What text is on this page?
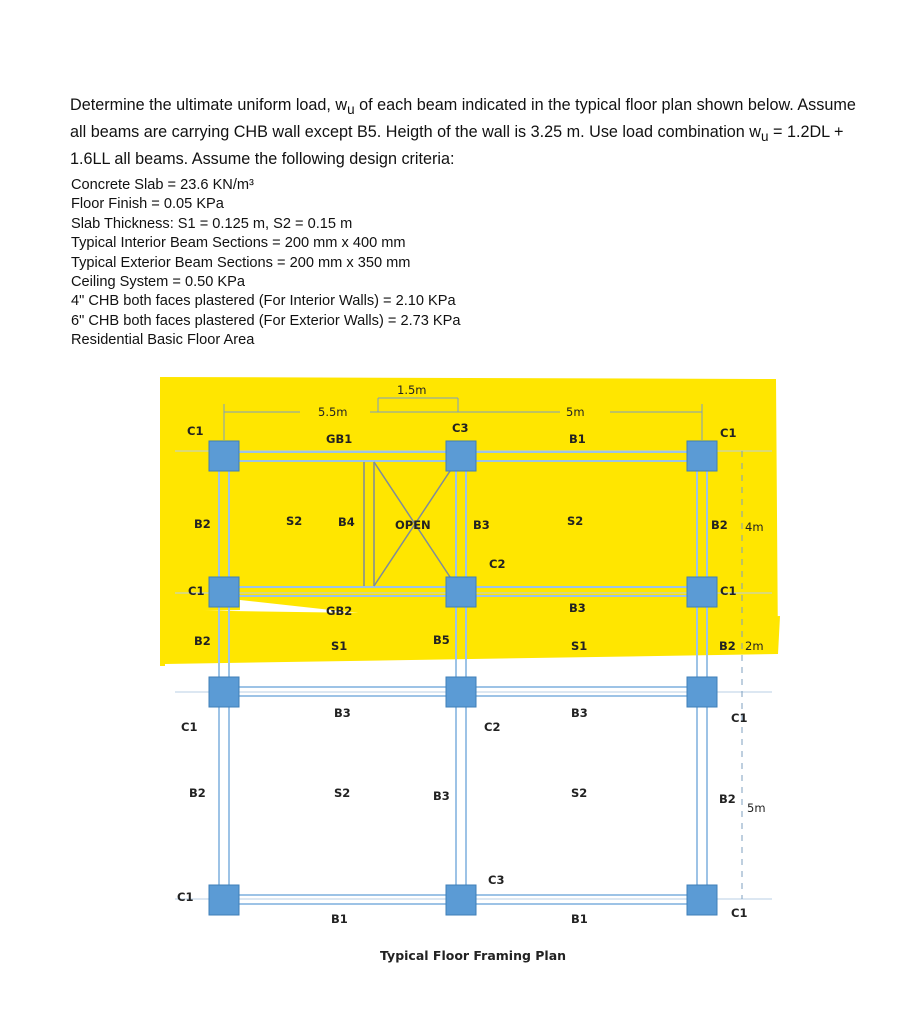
Determine the ultimate uniform load, $w_u$ of each beam indicated in the typical floor plan shown below. Assume all beams are carrying CHB wall except B5. Heigth of the wall is 3.25 m. Use load combination $w_u = 1.2DL + 1.6LL$ all beams. Assume the following design criteria:

Concrete Slab = 23.6 KN/m³
Floor Finish = 0.05 KPa
Slab Thickness: S1 = 0.125 m, S2 = 0.15 m
Typical Interior Beam Sections = 200 mm x 400 mm
Typical Exterior Beam Sections = 200 mm x 350 mm
Ceiling System = 0.50 KPa
4" CHB both faces plastered (For Interior Walls) = 2.10 KPa
6" CHB both faces plastered (For Exterior Walls) = 2.73 KPa
Residential Basic Floor Area
5.5m
1.5m
5m
4m
2m
5m
C1
GB1
C3
B1	C1
B2	S2	B4	OPEN	B3	S2	B2
C2
C1
GB2	B3
C1
B2	S1	B5	S1	B2
C1
B3
C2
B3	C1
B2	S2	B3	S2	B2
C3
C1
B1	B1	C1
Typical Floor Framing Plan
